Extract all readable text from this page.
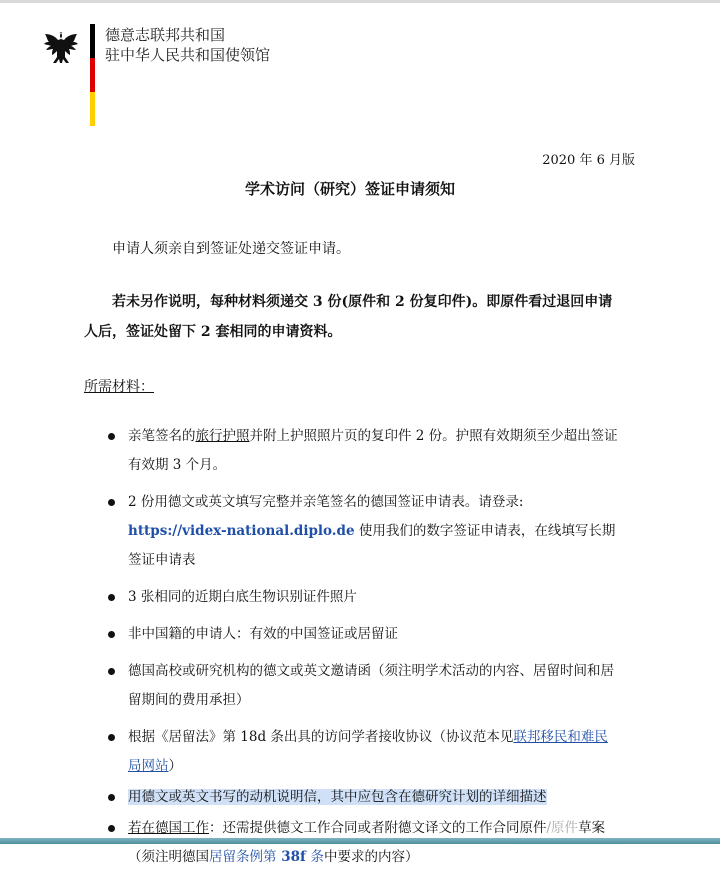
德意志联邦共和国
驻中华人民共和国使领馆
2020 年 6 月版
学术访问（研究）签证申请须知
申请人须亲自到签证处递交签证申请。
若未另作说明，每种材料须递交 3 份(原件和 2 份复印件)。即原件看过退回申请人后，签证处留下 2 套相同的申请资料。
所需材料：
亲笔签名的旅行护照并附上护照照片页的复印件 2 份。护照有效期须至少超出签证有效期 3 个月。
2 份用德文或英文填写完整并亲笔签名的德国签证申请表。请登录: https://videx-national.diplo.de 使用我们的数字签证申请表，在线填写长期签证申请表
3 张相同的近期白底生物识别证件照片
非中国籍的申请人：有效的中国签证或居留证
德国高校或研究机构的德文或英文邀请函（须注明学术活动的内容、居留时间和居留期间的费用承担）
根据《居留法》第 18d 条出具的访问学者接收协议（协议范本见联邦移民和难民局网站）
用德文或英文书写的动机说明信，其中应包含在德研究计划的详细描述
若在德国工作：还需提供德文工作合同或者附德文译文的工作合同原件/原件草案（须注明德国居留条例第 38f 条中要求的内容）
